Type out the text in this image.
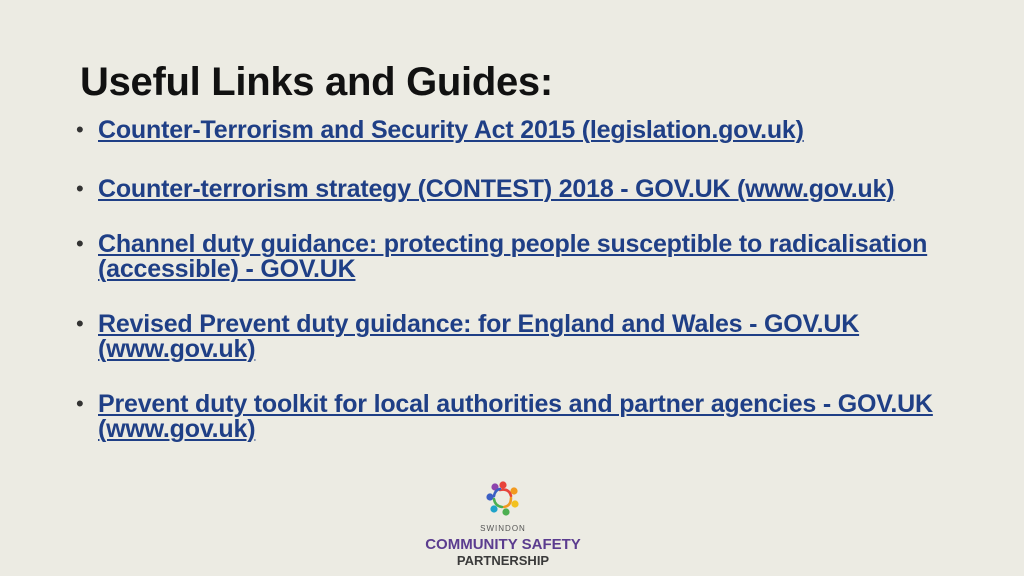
Useful Links and Guides:
• Counter-Terrorism and Security Act 2015 (legislation.gov.uk)
• Counter-terrorism strategy (CONTEST) 2018 - GOV.UK (www.gov.uk)
• Channel duty guidance: protecting people susceptible to radicalisation (accessible) - GOV.UK
• Revised Prevent duty guidance: for England and Wales - GOV.UK (www.gov.uk)
• Prevent duty toolkit for local authorities and partner agencies - GOV.UK (www.gov.uk)
SWINDON
COMMUNITY SAFETY
PARTNERSHIP
